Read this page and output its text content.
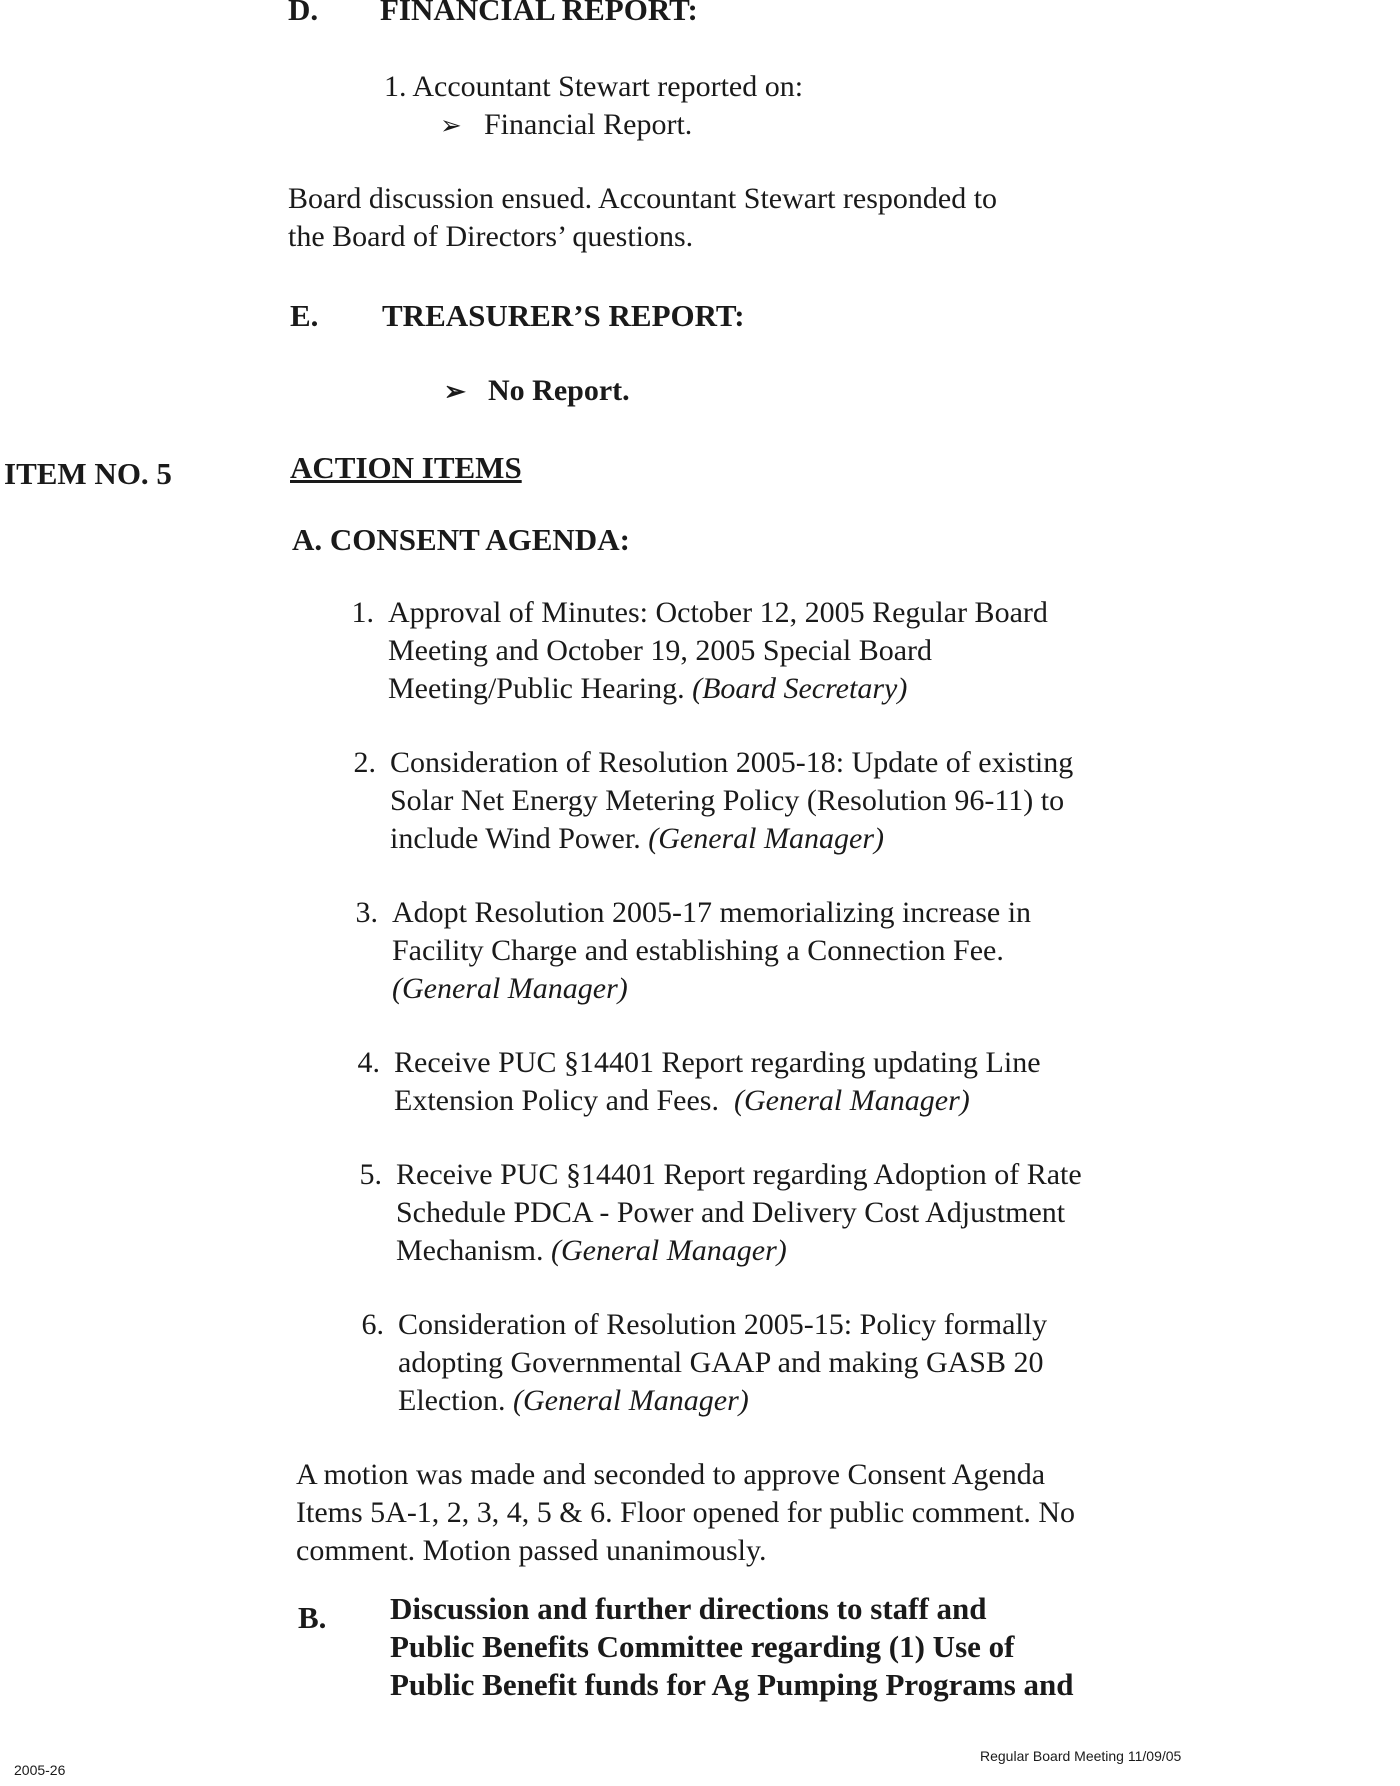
D. FINANCIAL REPORT:
1. Accountant Stewart reported on:
➢ Financial Report.
Board discussion ensued. Accountant Stewart responded to
the Board of Directors’ questions.
E. TREASURER’S REPORT:
➢ No Report.
ITEM NO. 5	ACTION ITEMS
A. CONSENT AGENDA:
1. Approval of Minutes: October 12, 2005 Regular Board
Meeting and October 19, 2005 Special Board
Meeting/Public Hearing. (Board Secretary)
2. Consideration of Resolution 2005-18: Update of existing
Solar Net Energy Metering Policy (Resolution 96-11) to
include Wind Power. (General Manager)
3. Adopt Resolution 2005-17 memorializing increase in
Facility Charge and establishing a Connection Fee.
(General Manager)
4. Receive PUC §14401 Report regarding updating Line
Extension Policy and Fees. (General Manager)
5. Receive PUC §14401 Report regarding Adoption of Rate
Schedule PDCA - Power and Delivery Cost Adjustment
Mechanism. (General Manager)
6. Consideration of Resolution 2005-15: Policy formally
adopting Governmental GAAP and making GASB 20
Election. (General Manager)
A motion was made and seconded to approve Consent Agenda
Items 5A-1, 2, 3, 4, 5 & 6. Floor opened for public comment. No
comment. Motion passed unanimously.
B. Discussion and further directions to staff and
Public Benefits Committee regarding (1) Use of
Public Benefit funds for Ag Pumping Programs and
2005-26
Regular Board Meeting 11/09/05
